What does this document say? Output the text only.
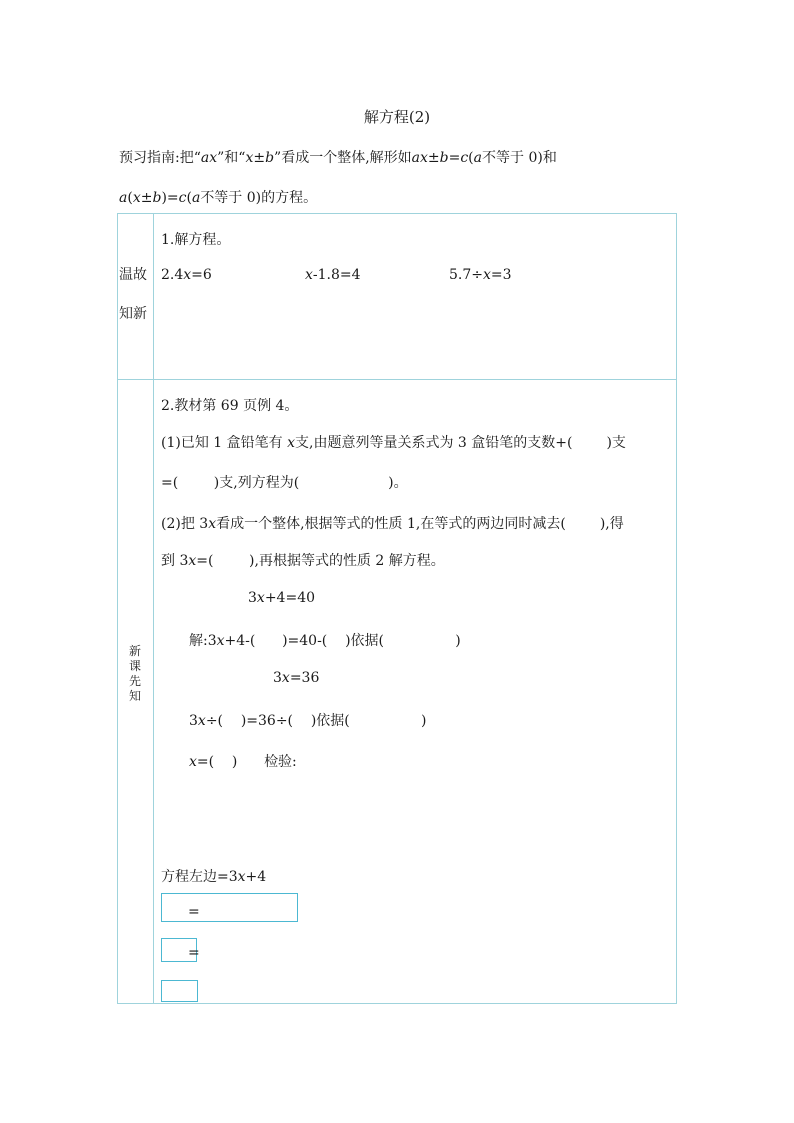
解方程(2)
预习指南:把“ax”和“x±b”看成一个整体,解形如ax±b=c(a不等于 0)和
a(x±b)=c(a不等于 0)的方程。
温故
知新
1.解方程。
2.4x=6	x-1.8=4	5.7÷x=3
新
课
先
知
2.教材第 69 页例 4。
(1)已知 1 盒铅笔有 x支,由题意列等量关系式为 3 盒铅笔的支数+( )支
=(        )支,列方程为(                    )。
(2)把 3x看成一个整体,根据等式的性质 1,在等式的两边同时减去( ),得
到 3x=(        ),再根据等式的性质 2 解方程。
3x+4=40
解:3x+4-(      )=40-(    )依据(                )
3x=36
3x÷(    )=36÷(    )依据(                )
x=(    )      检验:
方程左边=3x+4
=
=
